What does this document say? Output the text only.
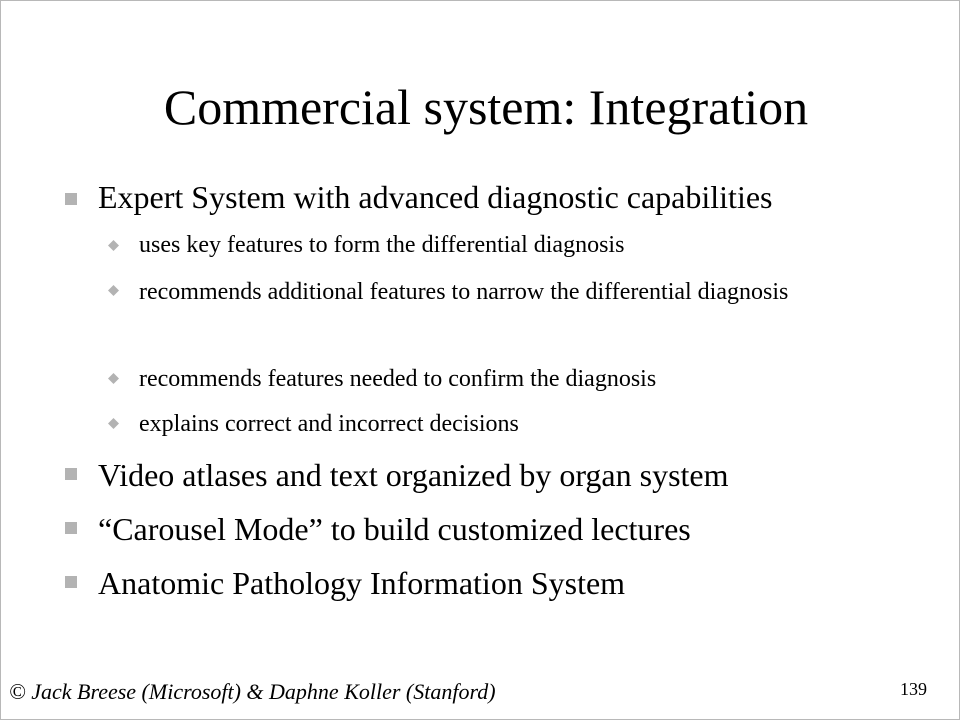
Commercial system: Integration
Expert System with advanced diagnostic capabilities
uses key features to form the differential diagnosis
recommends additional features to narrow the differential diagnosis
recommends features needed to confirm the diagnosis
explains correct and incorrect decisions
Video atlases and text organized by organ system
“Carousel Mode” to build customized lectures
Anatomic Pathology Information System
© Jack Breese (Microsoft) & Daphne Koller (Stanford)	139
